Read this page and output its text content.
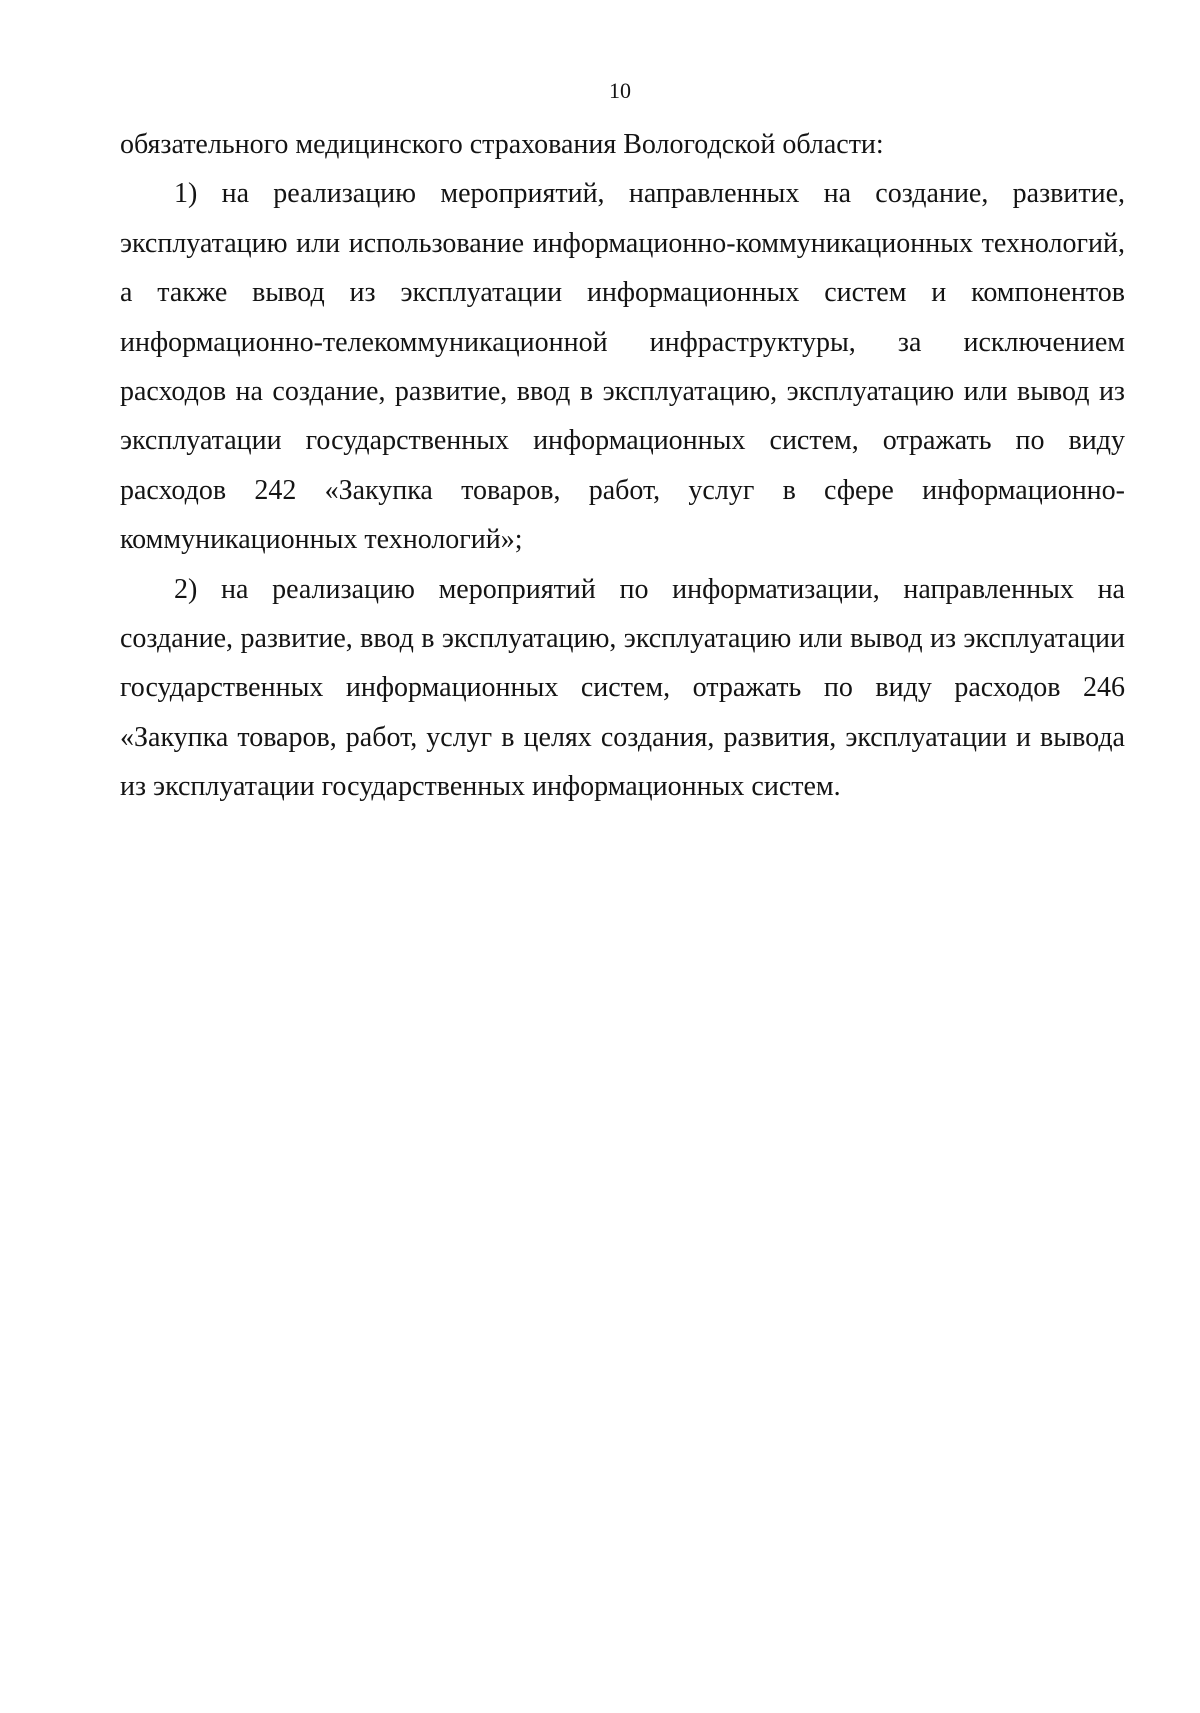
10

обязательного медицинского страхования Вологодской области:

1) на реализацию мероприятий, направленных на создание, развитие, эксплуатацию или использование информационно-коммуникационных технологий, а также вывод из эксплуатации информационных систем и компонентов информационно-телекоммуникационной инфраструктуры, за исключением расходов на создание, развитие, ввод в эксплуатацию, эксплуатацию или вывод из эксплуатации государственных информационных систем, отражать по виду расходов 242 «Закупка товаров, работ, услуг в сфере информационно-коммуникационных технологий»;

2) на реализацию мероприятий по информатизации, направленных на создание, развитие, ввод в эксплуатацию, эксплуатацию или вывод из эксплуатации государственных информационных систем, отражать по виду расходов 246 «Закупка товаров, работ, услуг в целях создания, развития, эксплуатации и вывода из эксплуатации государственных информационных систем.
